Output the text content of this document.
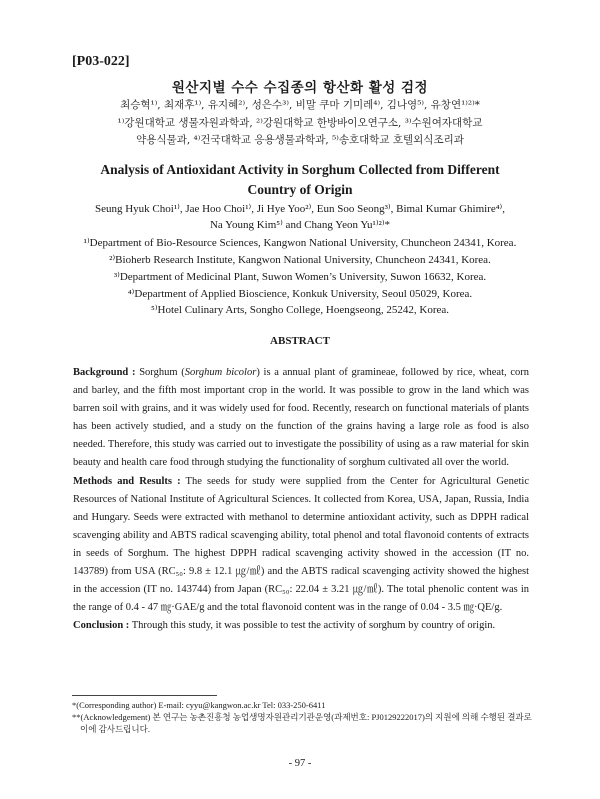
[P03-022]
원산지별 수수 수집종의 항산화 활성 검정
최승혁¹⁾, 최재후¹⁾, 유지혜²⁾, 성은수³⁾, 비말 쿠마 기미레⁴⁾, 김나영⁵⁾, 유창연¹⁾²⁾*
¹⁾강원대학교 생물자원과학과, ²⁾강원대학교 한방바이오연구소, ³⁾수원여자대학교
약용식물과, ⁴⁾건국대학교 응용생물과학과, ⁵⁾송호대학교 호텔외식조리과
Analysis of Antioxidant Activity in Sorghum Collected from Different Country of Origin
Seung Hyuk Choi¹⁾, Jae Hoo Choi¹⁾, Ji Hye Yoo²⁾, Eun Soo Seong³⁾, Bimal Kumar Ghimire⁴⁾,
Na Young Kim⁵⁾ and Chang Yeon Yu¹⁾²⁾*
¹⁾Department of Bio-Resource Sciences, Kangwon National University, Chuncheon 24341, Korea.
²⁾Bioherb Research Institute, Kangwon National University, Chuncheon 24341, Korea.
³⁾Department of Medicinal Plant, Suwon Women’s University, Suwon 16632, Korea.
⁴⁾Department of Applied Bioscience, Konkuk University, Seoul 05029, Korea.
⁵⁾Hotel Culinary Arts, Songho College, Hoengseong, 25242, Korea.
ABSTRACT

Background : Sorghum (Sorghum bicolor) is a annual plant of gramineae, followed by rice, wheat, corn and barley, and the fifth most important crop in the world. It was possible to grow in the land which was barren soil with grains, and it was widely used for food. Recently, research on functional materials of plants has been actively studied, and a study on the function of the grains having a large role as food is also needed. Therefore, this study was carried out to investigate the possibility of using as a raw material for skin beauty and health care food through studying the functionality of sorghum cultivated all over the world.

Methods and Results : The seeds for study were supplied from the Center for Agricultural Genetic Resources of National Institute of Agricultural Sciences. It collected from Korea, USA, Japan, Russia, India and Hungary. Seeds were extracted with methanol to determine antioxidant activity, such as DPPH radical scavenging ability and ABTS radical scavenging ability, total phenol and total flavonoid contents of extracts in seeds of Sorghum. The highest DPPH radical scavenging activity showed in the accession (IT no. 143789) from USA (RC₅₀: 9.8 ± 12.1 ㎍/㎖) and the ABTS radical scavenging activity showed the highest in the accession (IT no. 143744) from Japan (RC₅₀: 22.04 ± 3.21 ㎍/㎖). The total phenolic content was in the range of 0.4 - 47 ㎎·GAE/g and the total flavonoid content was in the range of 0.04 - 3.5 ㎎·QE/g.

Conclusion : Through this study, it was possible to test the activity of sorghum by country of origin.

*(Corresponding author) E-mail: cyyu@kangwon.ac.kr Tel: 033-250-6411
**(Acknowledgement) 본 연구는 농촌진흥청 농업생명자원관리기관운영(과제번호: PJ0129222017)의 지원에 의해 수행된 결과로 이에 감사드립니다.
- 97 -
